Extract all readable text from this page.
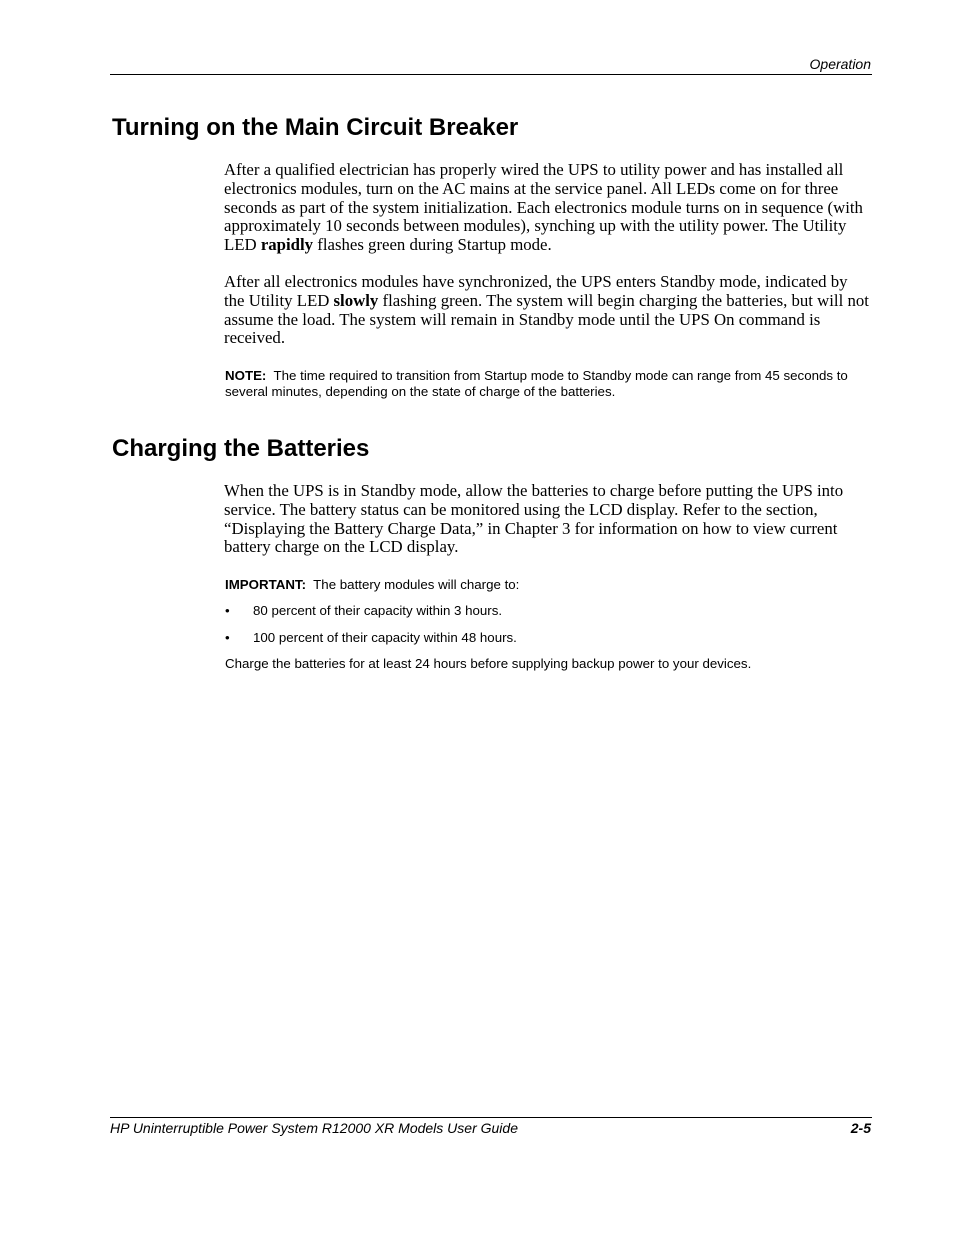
Operation
Turning on the Main Circuit Breaker

After a qualified electrician has properly wired the UPS to utility power and has installed all electronics modules, turn on the AC mains at the service panel. All LEDs come on for three seconds as part of the system initialization. Each electronics module turns on in sequence (with approximately 10 seconds between modules), synching up with the utility power. The Utility LED rapidly flashes green during Startup mode.

After all electronics modules have synchronized, the UPS enters Standby mode, indicated by the Utility LED slowly flashing green. The system will begin charging the batteries, but will not assume the load. The system will remain in Standby mode until the UPS On command is received.

NOTE: The time required to transition from Startup mode to Standby mode can range from 45 seconds to several minutes, depending on the state of charge of the batteries.

Charging the Batteries

When the UPS is in Standby mode, allow the batteries to charge before putting the UPS into service. The battery status can be monitored using the LCD display. Refer to the section, “Displaying the Battery Charge Data,” in Chapter 3 for information on how to view current battery charge on the LCD display.

IMPORTANT: The battery modules will charge to:

• 80 percent of their capacity within 3 hours.
• 100 percent of their capacity within 48 hours.

Charge the batteries for at least 24 hours before supplying backup power to your devices.

HP Uninterruptible Power System R12000 XR Models User Guide	2-5
